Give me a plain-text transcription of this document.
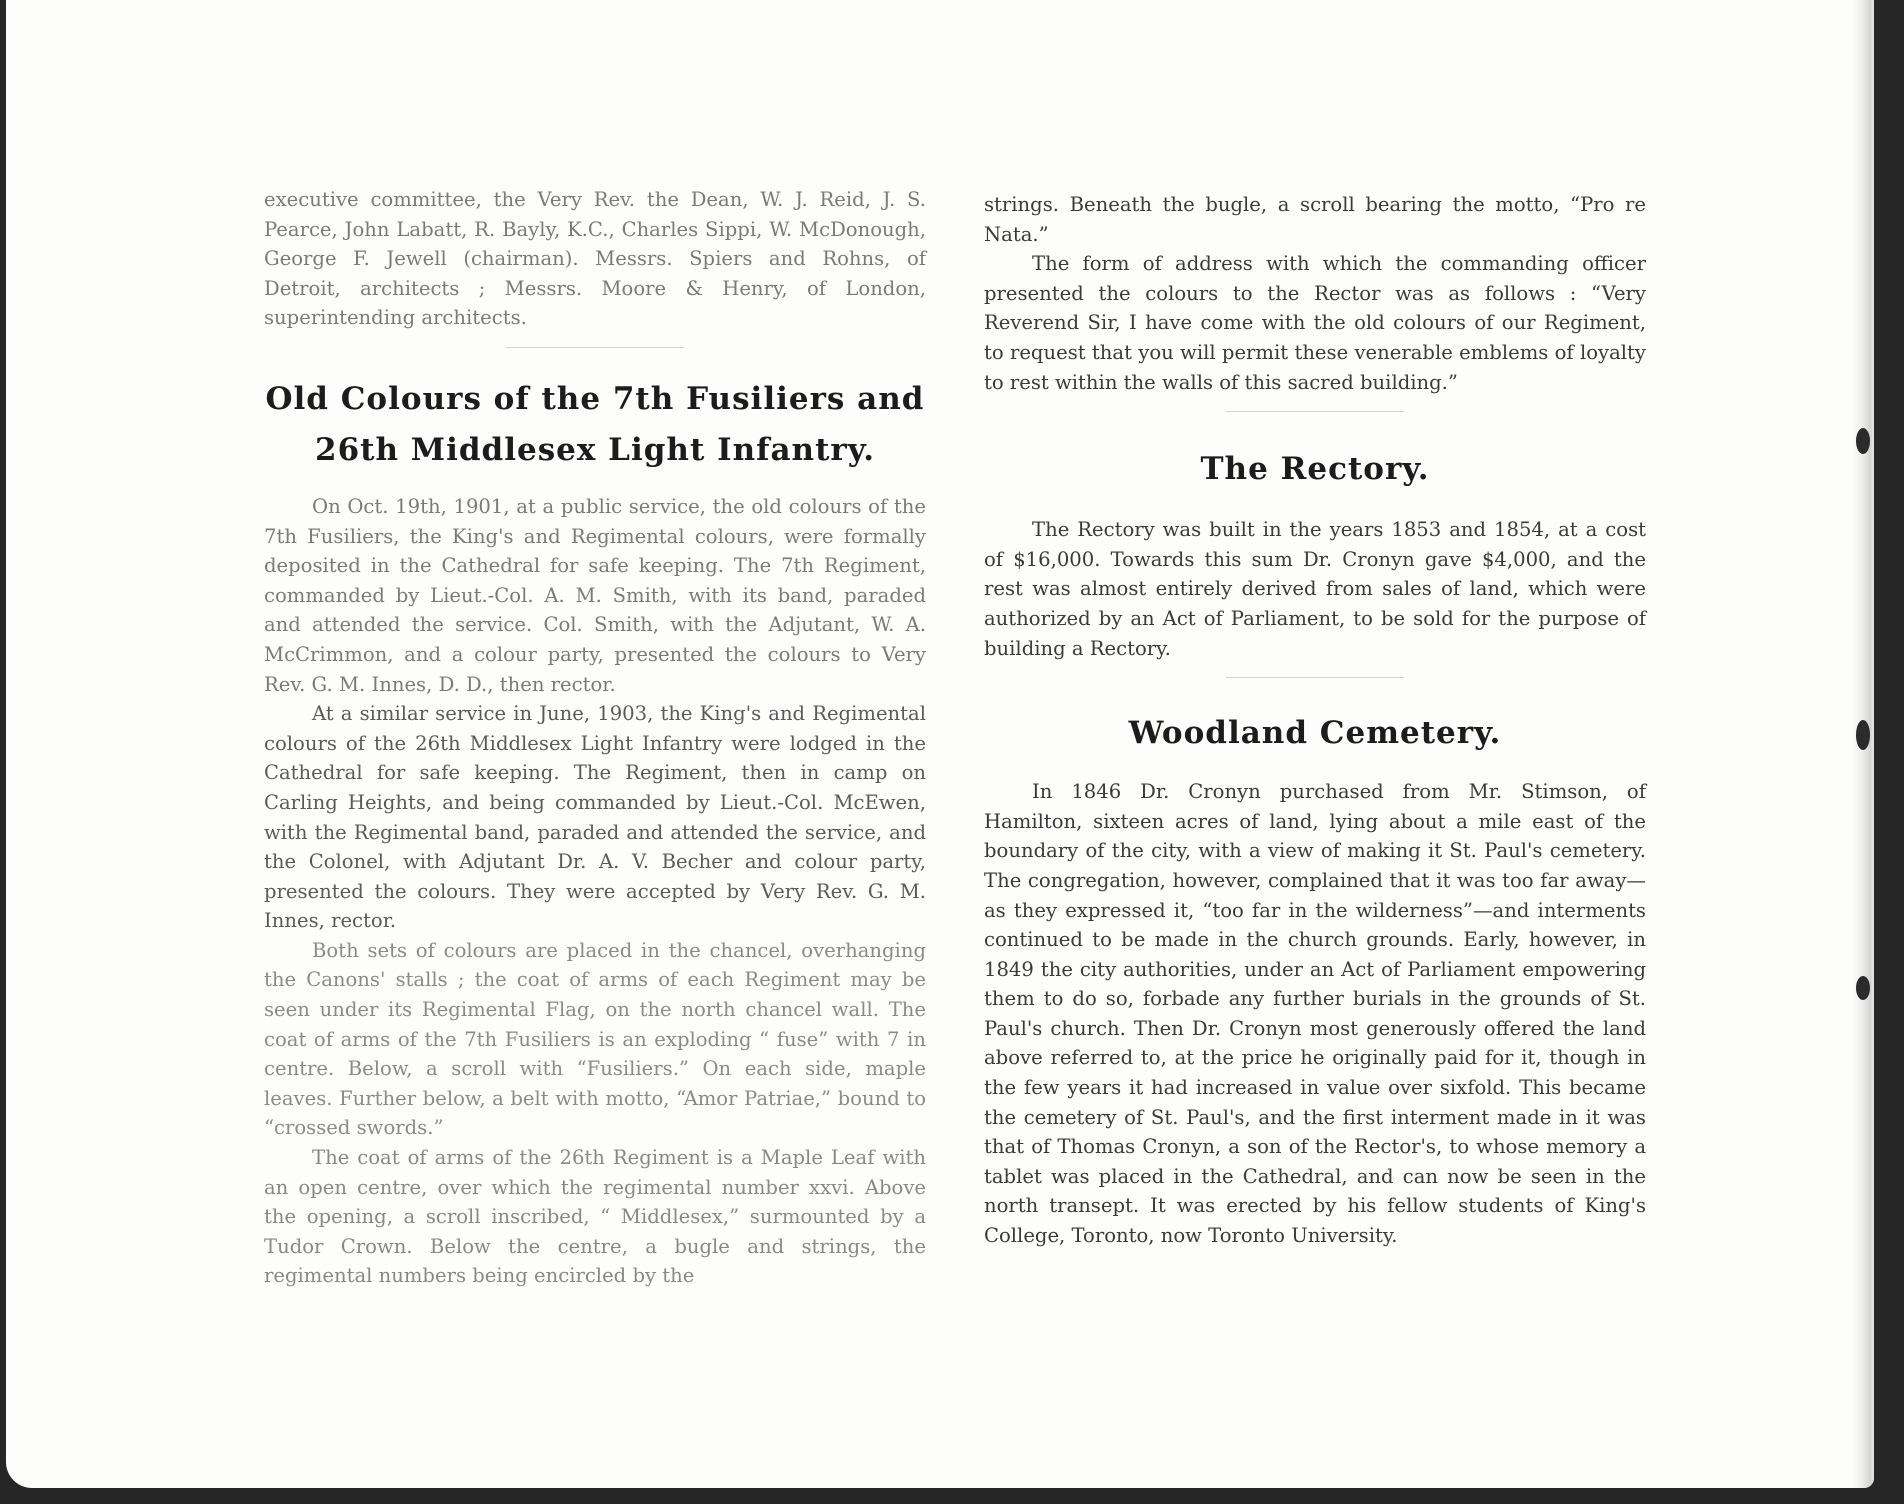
executive committee, the Very Rev. the Dean, W. J. Reid, J. S. Pearce, John Labatt, R. Bayly, K.C., Charles Sippi, W. McDonough, George F. Jewell (chairman). Messrs. Spiers and Rohns, of Detroit, architects ; Messrs. Moore & Henry, of London, superintending architects.

Old Colours of the 7th Fusiliers and
26th Middlesex Light Infantry.

On Oct. 19th, 1901, at a public service, the old colours of the 7th Fusiliers, the King's and Regimental colours, were formally deposited in the Cathedral for safe keeping. The 7th Regiment, commanded by Lieut.-Col. A. M. Smith, with its band, paraded and attended the service. Col. Smith, with the Adjutant, W. A. McCrimmon, and a colour party, presented the colours to Very Rev. G. M. Innes, D. D., then rector.

At a similar service in June, 1903, the King's and Regimental colours of the 26th Middlesex Light Infantry were lodged in the Cathedral for safe keeping. The Regiment, then in camp on Carling Heights, and being commanded by Lieut.-Col. McEwen, with the Regimental band, paraded and attended the service, and the Colonel, with Adjutant Dr. A. V. Becher and colour party, presented the colours. They were accepted by Very Rev. G. M. Innes, rector.

Both sets of colours are placed in the chancel, overhanging the Canons' stalls ; the coat of arms of each Regiment may be seen under its Regimental Flag, on the north chancel wall. The coat of arms of the 7th Fusiliers is an exploding “ fuse” with 7 in centre. Below, a scroll with “Fusiliers.” On each side, maple leaves. Further below, a belt with motto, “Amor Patriae,” bound to “crossed swords.”

The coat of arms of the 26th Regiment is a Maple Leaf with an open centre, over which the regimental number xxvi. Above the opening, a scroll inscribed, “ Middlesex,” surmounted by a Tudor Crown. Below the centre, a bugle and strings, the regimental numbers being encircled by the

strings. Beneath the bugle, a scroll bearing the motto, “Pro re Nata.”

The form of address with which the commanding officer presented the colours to the Rector was as follows : “Very Reverend Sir, I have come with the old colours of our Regiment, to request that you will permit these venerable emblems of loyalty to rest within the walls of this sacred building.”

The Rectory.

The Rectory was built in the years 1853 and 1854, at a cost of $16,000. Towards this sum Dr. Cronyn gave $4,000, and the rest was almost entirely derived from sales of land, which were authorized by an Act of Parliament, to be sold for the purpose of building a Rectory.

Woodland Cemetery.

In 1846 Dr. Cronyn purchased from Mr. Stimson, of Hamilton, sixteen acres of land, lying about a mile east of the boundary of the city, with a view of making it St. Paul's cemetery. The congregation, however, complained that it was too far away—as they expressed it, “too far in the wilderness”—and interments continued to be made in the church grounds. Early, however, in 1849 the city authorities, under an Act of Parliament empowering them to do so, forbade any further burials in the grounds of St. Paul's church. Then Dr. Cronyn most generously offered the land above referred to, at the price he originally paid for it, though in the few years it had increased in value over sixfold. This became the cemetery of St. Paul's, and the first interment made in it was that of Thomas Cronyn, a son of the Rector's, to whose memory a tablet was placed in the Cathedral, and can now be seen in the north transept. It was erected by his fellow students of King's College, Toronto, now Toronto University.
